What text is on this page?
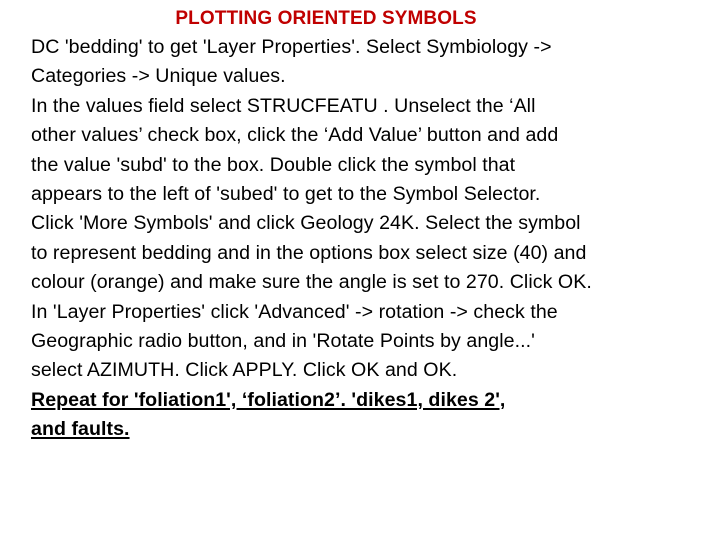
PLOTTING ORIENTED SYMBOLS
DC 'bedding' to get 'Layer Properties'. Select Symbiology ->
Categories -> Unique values.
In the values field select STRUCFEATU . Unselect the ‘All
other values’ check box, click the ‘Add Value’ button and add
the value 'subd' to the box. Double click the symbol that
appears to the left of 'subed' to get to the Symbol Selector.
Click 'More Symbols' and click Geology 24K. Select the symbol
to represent bedding and in the options box select size (40) and
colour (orange) and make sure the angle is set to 270. Click OK.
In 'Layer Properties' click 'Advanced' -> rotation -> check the
Geographic radio button, and in 'Rotate Points by angle...'
select AZIMUTH. Click APPLY. Click OK and OK.
Repeat for 'foliation1', ‘foliation2’. 'dikes1, dikes 2',
and faults.
